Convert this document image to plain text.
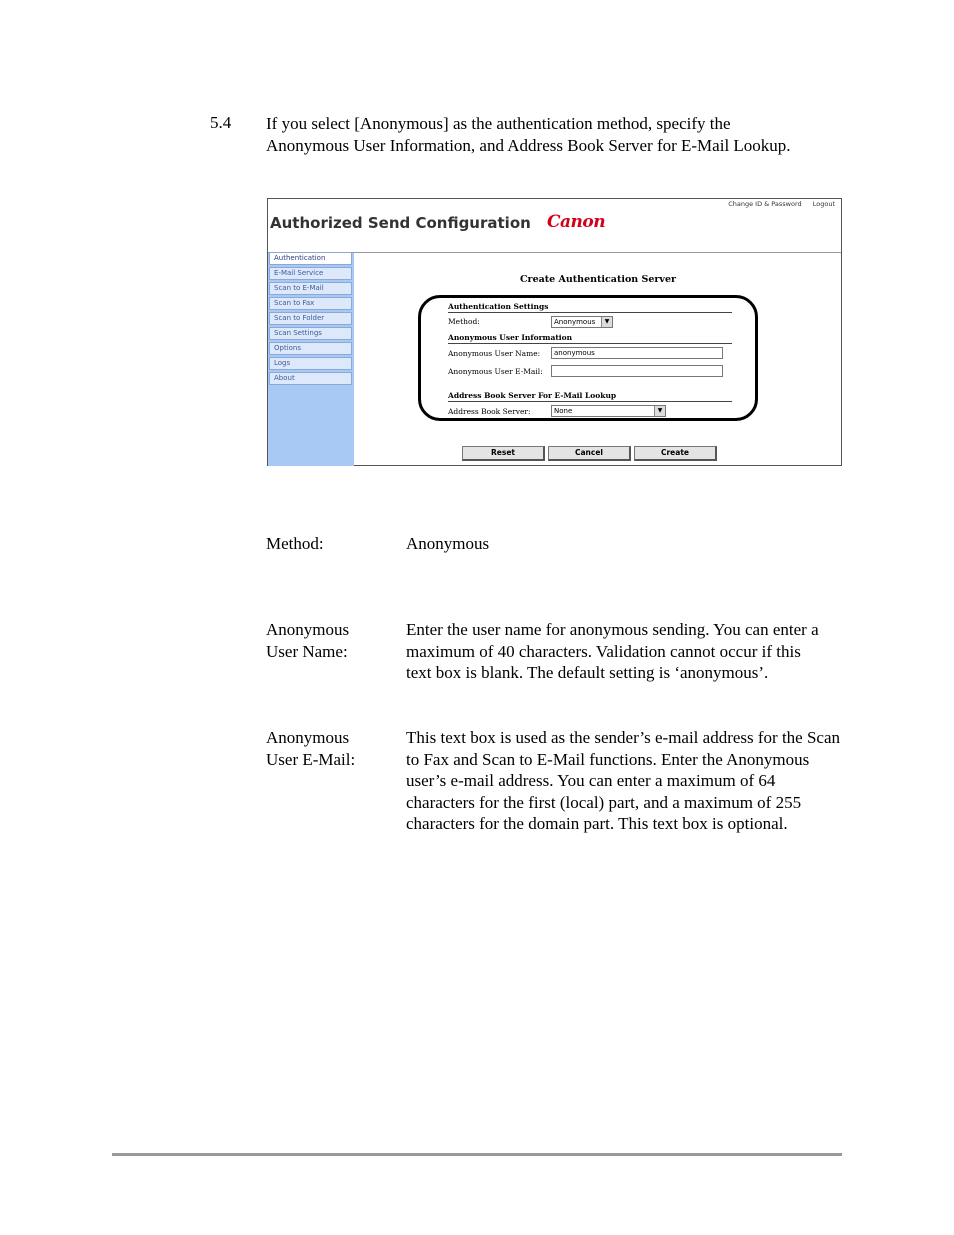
5.4 If you select [Anonymous] as the authentication method, specify the Anonymous User Information, and Address Book Server for E-Mail Lookup.
Authorized Send Configuration Canon
Change ID & Password Logout
Authentication
E-Mail Service
Scan to E-Mail
Scan to Fax
Scan to Folder
Scan Settings
Options
Logs
About
Create Authentication Server
Authentication Settings
Method:	Anonymous	▼
Anonymous User Information
Anonymous User Name:	anonymous
Anonymous User E-Mail:
Address Book Server For E-Mail Lookup
Address Book Server:	None	▼
Reset	Cancel	Create
Method:	Anonymous
Anonymous User Name:
Enter the user name for anonymous sending. You can enter a maximum of 40 characters. Validation cannot occur if this text box is blank. The default setting is ‘anonymous’.
Anonymous User E-Mail:
This text box is used as the sender’s e-mail address for the Scan to Fax and Scan to E-Mail functions. Enter the Anonymous user’s e-mail address. You can enter a maximum of 64 characters for the first (local) part, and a maximum of 255 characters for the domain part. This text box is optional.
